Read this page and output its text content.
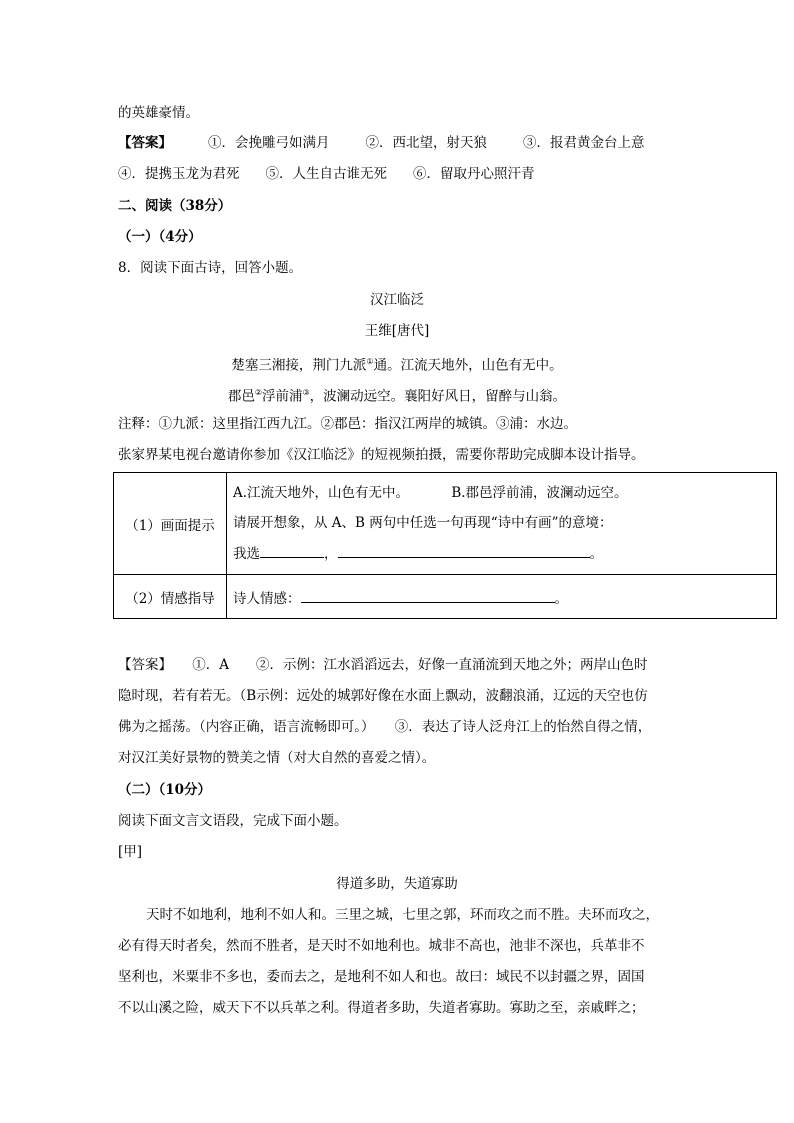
的英雄豪情。
【答案】	①．会挽雕弓如满月	②．西北望，射天狼	③．报君黄金台上意
④．提携玉龙为君死 ⑤．人生自古谁无死 ⑥．留取丹心照汗青
二、阅读（38分）
（一）（4分）
8．阅读下面古诗，回答小题。
汉江临泛
王维[唐代]
楚塞三湘接，荆门九派①通。江流天地外，山色有无中。
郡邑②浮前浦③，波澜动远空。襄阳好风日，留醉与山翁。
注释：①九派：这里指江西九江。②郡邑：指汉江两岸的城镇。③浦：水边。
张家界某电视台邀请你参加《汉江临泛》的短视频拍摄，需要你帮助完成脚本设计指导。
（1）画面提示	A.江流天地外，山色有无中。 B.郡邑浮前浦，波澜动远空。
请展开想象，从 A、B 两句中任选一句再现“诗中有画”的意境：
我选 ， 。

（2）情感指导	诗人情感： 。
【答案】　　①．A　　②．示例：江水滔滔远去，好像一直涌流到天地之外；两岸山色时
隐时现，若有若无。（B示例：远处的城郭好像在水面上飘动，波翻浪涌，辽远的天空也仿
佛为之摇荡。（内容正确，语言流畅即可。）　　③．表达了诗人泛舟江上的怡然自得之情，
对汉江美好景物的赞美之情（对大自然的喜爱之情）。
（二）（10分）
阅读下面文言文语段，完成下面小题。
[甲]
得道多助，失道寡助
天时不如地利，地利不如人和。三里之城，七里之郭，环而攻之而不胜。夫环而攻之，
必有得天时者矣，然而不胜者，是天时不如地利也。城非不高也，池非不深也，兵革非不
坚利也，米粟非不多也，委而去之，是地利不如人和也。故曰：域民不以封疆之界，固国
不以山溪之险，威天下不以兵革之利。得道者多助，失道者寡助。寡助之至，亲戚畔之；
